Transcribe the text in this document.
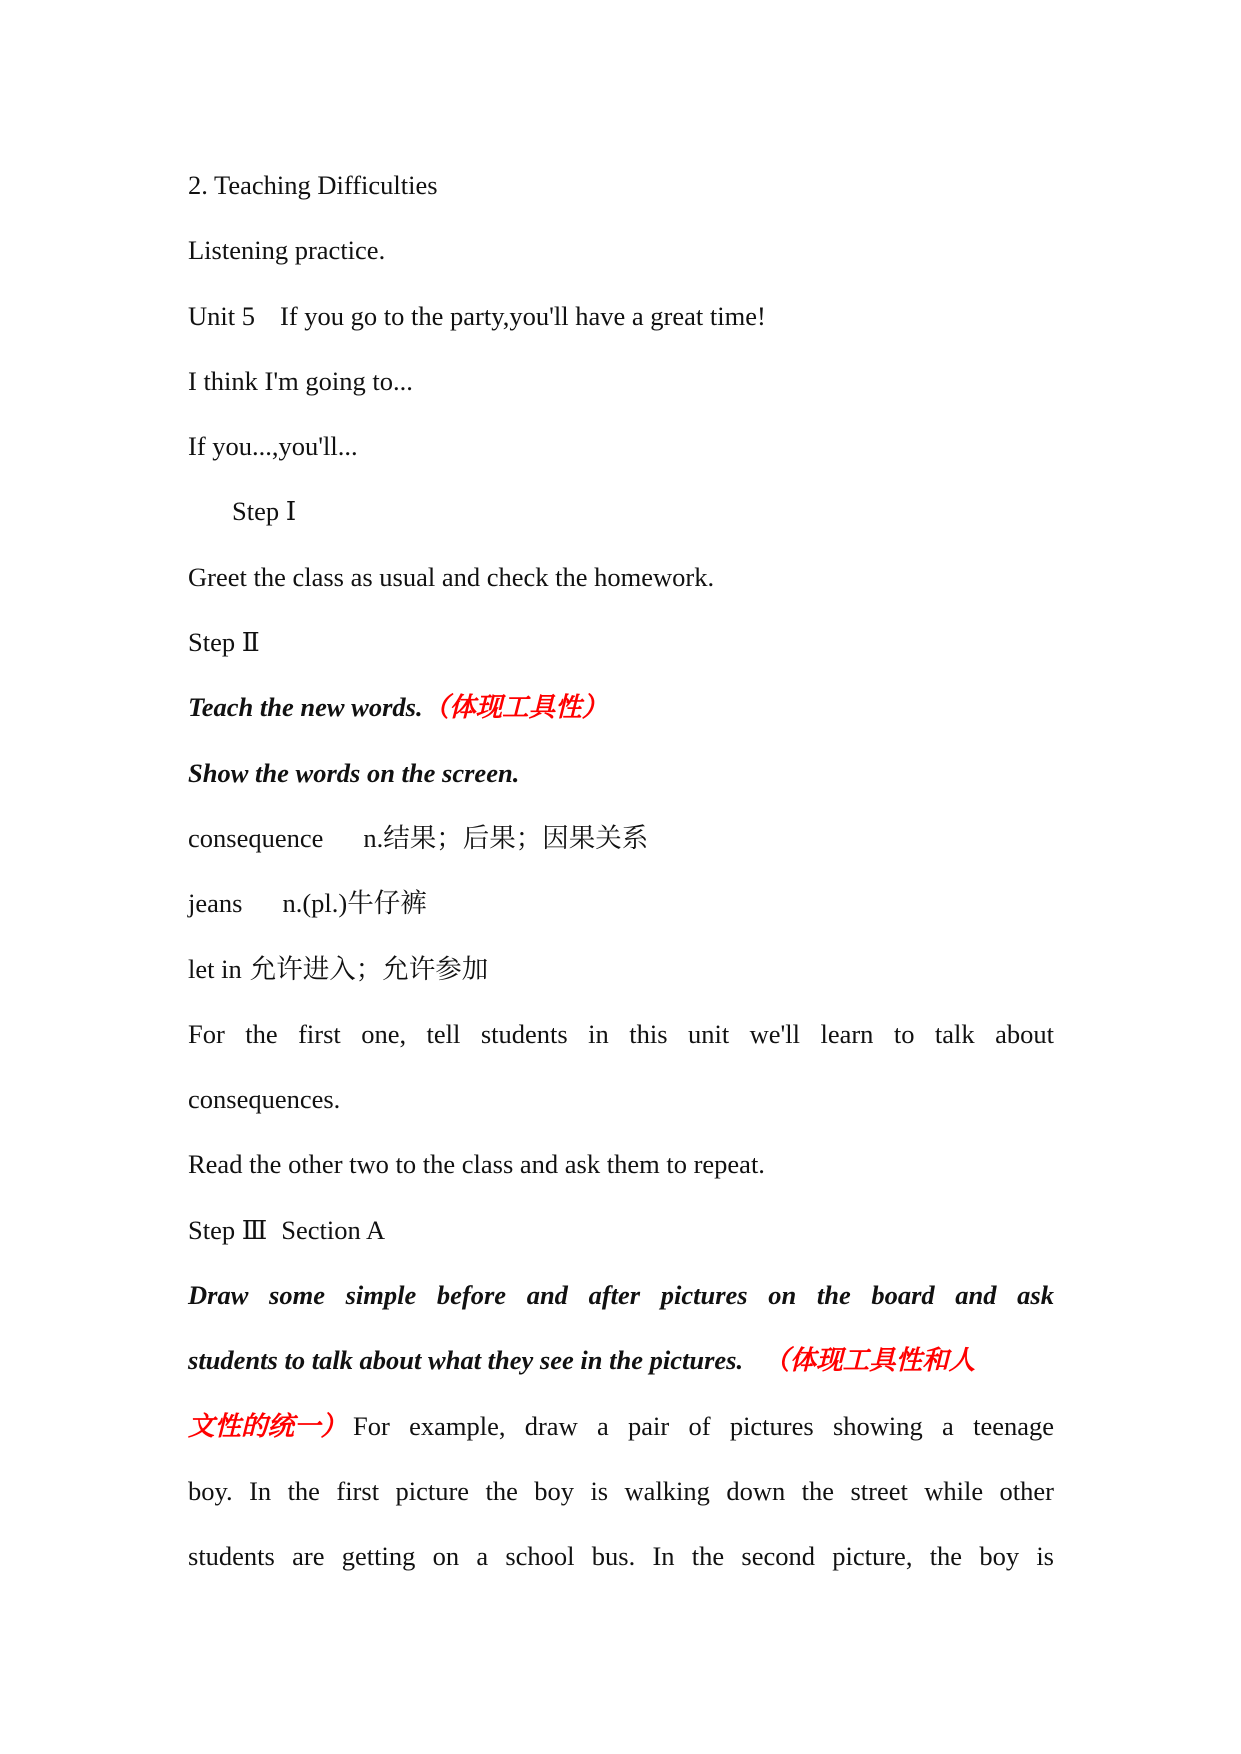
2. Teaching Difficulties
Listening practice.
Unit 5 If you go to the party,you'll have a great time!
I think I'm going to...
If you...,you'll...
Step Ⅰ
Greet the class as usual and check the homework.
Step Ⅱ
Teach the new words.（体现工具性）
Show the words on the screen.
consequence n.结果；后果；因果关系
jeans n.(pl.)牛仔裤
let in 允许进入；允许参加
For the first one, tell students in this unit we'll learn to talk about
consequences.
Read the other two to the class and ask them to repeat.
Step Ⅲ Section A
Draw some simple before and after pictures on the board and ask
students to talk about what they see in the pictures. （体现工具性和人
文性的统一） For example, draw a pair of pictures showing a teenage
boy. In the first picture the boy is walking down the street while other
students are getting on a school bus. In the second picture, the boy is
